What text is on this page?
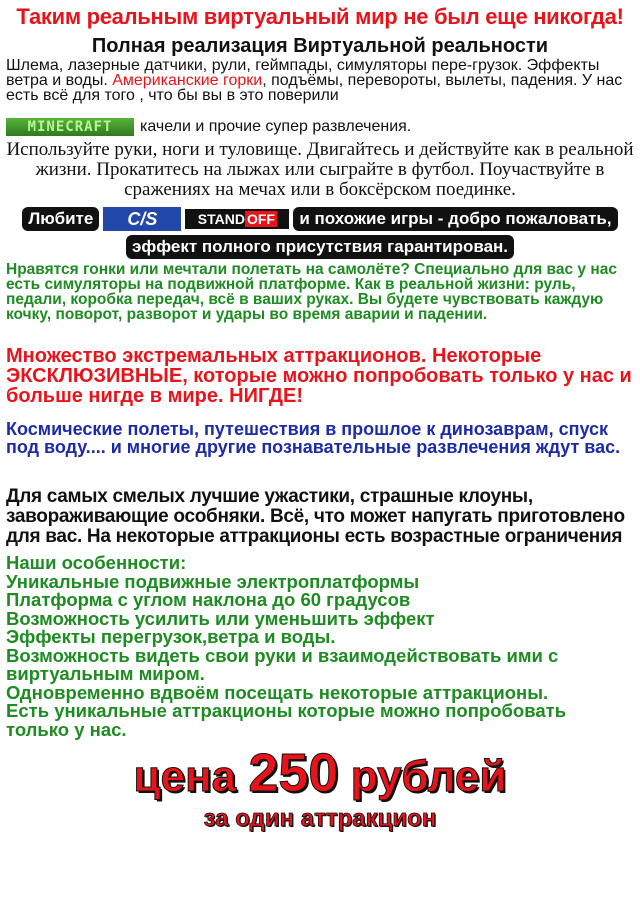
Таким реальным виртуальный мир не был еще никогда!
Полная реализация Виртуальной реальности
Шлема, лазерные датчики, рули, геймпады, симуляторы пере-грузок. Эффекты ветра и воды. Американские горки, подъёмы, перевороты, вылеты, падения. У нас есть всё для того , что бы вы в это поверили
MINECRAFT	качели и прочие супер развлечения.
Используйте руки, ноги и туловище. Двигайтесь и действуйте как в реальной жизни. Прокатитесь на лыжах или сыграйте в футбол. Поучаствуйте в сражениях на мечах или в боксёрском поединке.
Любите	C/S	STAND OFF	и похожие игры - добро пожаловать,
эффект полного присутствия гарантирован.
Нравятся гонки или мечтали полетать на самолёте? Специально для вас у нас есть симуляторы на подвижной платформе. Как в реальной жизни: руль, педали, коробка передач, всё в ваших руках. Вы будете чувствовать каждую кочку, поворот, разворот и удары во время аварии и падении.
Множество экстремальных аттракционов. Некоторые ЭКСКЛЮЗИВНЫЕ, которые можно попробовать только у нас и больше нигде в мире. НИГДЕ!
Космические полеты, путешествия в прошлое к динозаврам, спуск под воду.... и многие другие познавательные развлечения ждут вас.
Для самых смелых лучшие ужастики, страшные клоуны, завораживающие особняки. Всё, что может напугать приготовлено для вас. На некоторые аттракционы есть возрастные ограничения
Наши особенности:
Уникальные подвижные электроплатформы
Платформа с углом наклона до 60 градусов
Возможность усилить или уменьшить эффект
Эффекты перегрузок,ветра и воды.
Возможность видеть свои руки и взаимодействовать ими с виртуальным миром.
Одновременно вдвоём посещать некоторые аттракционы.
Есть уникальные аттракционы которые можно попробовать только у нас.
цена 250 рублей
за один аттракцион
